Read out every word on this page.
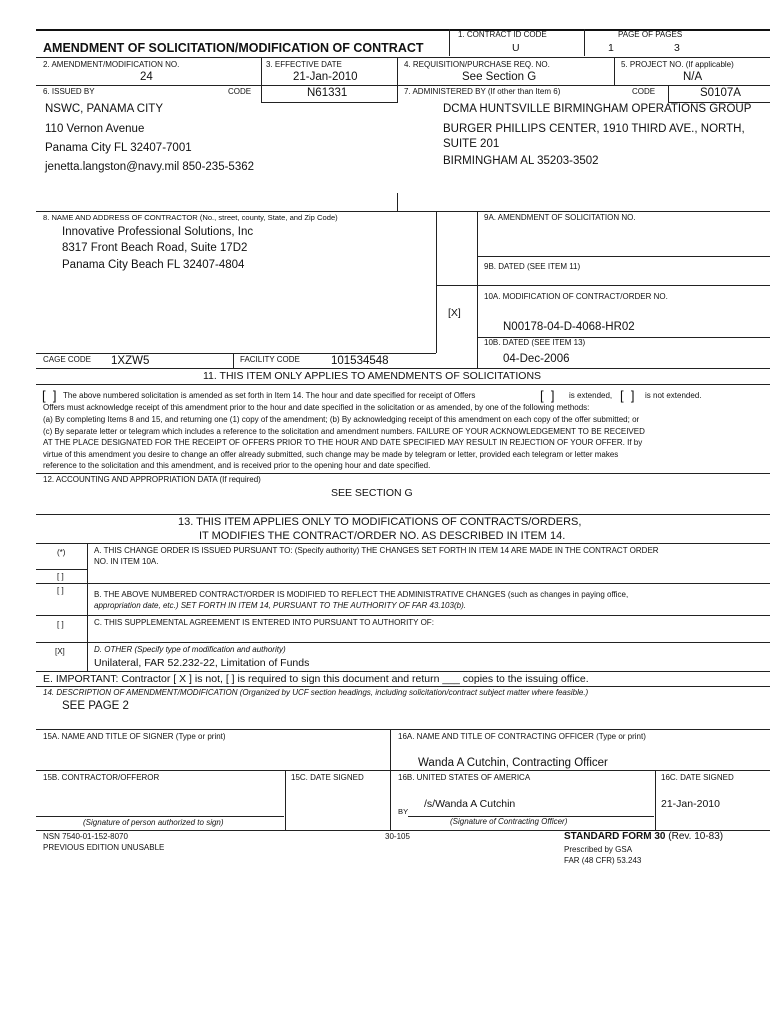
AMENDMENT OF SOLICITATION/MODIFICATION OF CONTRACT
1. CONTRACT ID CODE
U
PAGE OF PAGES
1	3
2. AMENDMENT/MODIFICATION NO.
24
3. EFFECTIVE DATE
21-Jan-2010
4. REQUISITION/PURCHASE REQ. NO.
See Section G
5. PROJECT NO. (If applicable)
N/A
6. ISSUED BY	CODE	N61331	7. ADMINISTERED BY (If other than Item 6)	CODE	S0107A
NSWC, PANAMA CITY
110 Vernon Avenue
Panama City FL 32407-7001
jenetta.langston@navy.mil 850-235-5362
DCMA HUNTSVILLE BIRMINGHAM OPERATIONS GROUP
BURGER PHILLIPS CENTER, 1910 THIRD AVE., NORTH,
SUITE 201
BIRMINGHAM AL 35203-3502
8. NAME AND ADDRESS OF CONTRACTOR (No., street, county, State, and Zip Code)
Innovative Professional Solutions, Inc
8317 Front Beach Road, Suite 17D2
Panama City Beach FL 32407-4804
9A. AMENDMENT OF SOLICITATION NO.
9B. DATED (SEE ITEM 11)
[X]
10A. MODIFICATION OF CONTRACT/ORDER NO.
N00178-04-D-4068-HR02
10B. DATED (SEE ITEM 13)
04-Dec-2006
CAGE CODE 1XZW5	FACILITY CODE	101534548
11. THIS ITEM ONLY APPLIES TO AMENDMENTS OF SOLICITATIONS
[  ] The above numbered solicitation is amended as set forth in Item 14. The hour and date specified for receipt of Offers	[  ] is extended, [  ] is not extended.
Offers must acknowledge receipt of this amendment prior to the hour and date specified in the solicitation or as amended, by one of the following methods:
(a) By completing Items 8 and 15, and returning one (1) copy of the amendment; (b) By acknowledging receipt of this amendment on each copy of the offer submitted; or
(c) By separate letter or telegram which includes a reference to the solicitation and amendment numbers. FAILURE OF YOUR ACKNOWLEDGEMENT TO BE RECEIVED
AT THE PLACE DESIGNATED FOR THE RECEIPT OF OFFERS PRIOR TO THE HOUR AND DATE SPECIFIED MAY RESULT IN REJECTION OF YOUR OFFER. If by
virtue of this amendment you desire to change an offer already submitted, such change may be made by telegram or letter, provided each telegram or letter makes
reference to the solicitation and this amendment, and is received prior to the opening hour and date specified.
12. ACCOUNTING AND APPROPRIATION DATA (If required)
SEE SECTION G
13. THIS ITEM APPLIES ONLY TO MODIFICATIONS OF CONTRACTS/ORDERS,
IT MODIFIES THE CONTRACT/ORDER NO. AS DESCRIBED IN ITEM 14.
(*)	A. THIS CHANGE ORDER IS ISSUED PURSUANT TO: (Specify authority) THE CHANGES SET FORTH IN ITEM 14 ARE MADE IN THE CONTRACT ORDER
NO. IN ITEM 10A.
[ ]
[ ]	B. THE ABOVE NUMBERED CONTRACT/ORDER IS MODIFIED TO REFLECT THE ADMINISTRATIVE CHANGES (such as changes in paying office,
appropriation date, etc.) SET FORTH IN ITEM 14, PURSUANT TO THE AUTHORITY OF FAR 43.103(b).
[ ]	C. THIS SUPPLEMENTAL AGREEMENT IS ENTERED INTO PURSUANT TO AUTHORITY OF:
[X]	D. OTHER (Specify type of modification and authority)
Unilateral, FAR 52.232-22, Limitation of Funds
E. IMPORTANT: Contractor [ X ] is not, [ ] is required to sign this document and return ___ copies to the issuing office.
14. DESCRIPTION OF AMENDMENT/MODIFICATION (Organized by UCF section headings, including solicitation/contract subject matter where feasible.)
SEE PAGE 2
15A. NAME AND TITLE OF SIGNER (Type or print)	16A. NAME AND TITLE OF CONTRACTING OFFICER (Type or print)
Wanda A Cutchin, Contracting Officer
15B. CONTRACTOR/OFFEROR	15C. DATE SIGNED	16B. UNITED STATES OF AMERICA	16C. DATE SIGNED
BY
/s/Wanda A Cutchin	21-Jan-2010
(Signature of person authorized to sign)	(Signature of Contracting Officer)
NSN 7540-01-152-8070
PREVIOUS EDITION UNUSABLE
30-105	STANDARD FORM 30 (Rev. 10-83)
Prescribed by GSA
FAR (48 CFR) 53.243
